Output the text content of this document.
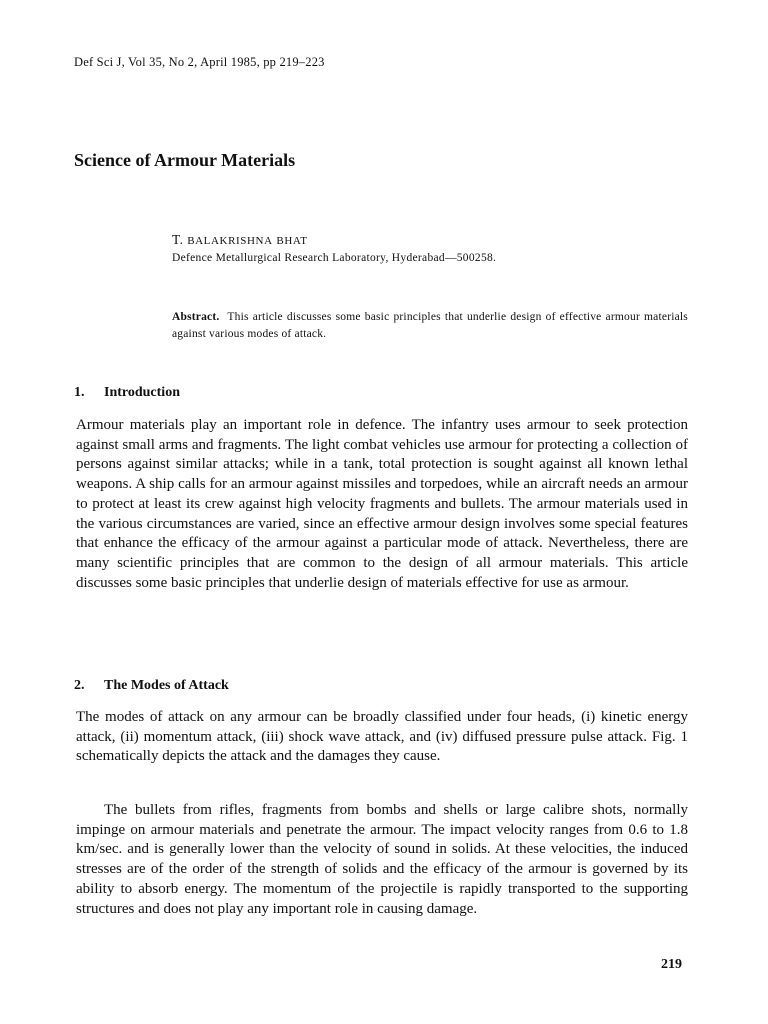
Def Sci J, Vol 35, No 2, April 1985, pp 219–223
Science of Armour Materials
T. BALAKRISHNA BHAT
Defence Metallurgical Research Laboratory, Hyderabad—500258.
Abstract. This article discusses some basic principles that underlie design of effective armour materials against various modes of attack.
1. Introduction
Armour materials play an important role in defence. The infantry uses armour to seek protection against small arms and fragments. The light combat vehicles use armour for protecting a collection of persons against similar attacks; while in a tank, total protection is sought against all known lethal weapons. A ship calls for an armour against missiles and torpedoes, while an aircraft needs an armour to protect at least its crew against high velocity fragments and bullets. The armour materials used in the various circumstances are varied, since an effective armour design involves some special features that enhance the efficacy of the armour against a particular mode of attack. Nevertheless, there are many scientific principles that are common to the design of all armour materials. This article discusses some basic principles that underlie design of materials effective for use as armour.
2. The Modes of Attack
The modes of attack on any armour can be broadly classified under four heads, (i) kinetic energy attack, (ii) momentum attack, (iii) shock wave attack, and (iv) diffused pressure pulse attack. Fig. 1 schematically depicts the attack and the damages they cause.
The bullets from rifles, fragments from bombs and shells or large calibre shots, normally impinge on armour materials and penetrate the armour. The impact velocity ranges from 0.6 to 1.8 km/sec. and is generally lower than the velocity of sound in solids. At these velocities, the induced stresses are of the order of the strength of solids and the efficacy of the armour is governed by its ability to absorb energy. The momentum of the projectile is rapidly transported to the supporting structures and does not play any important role in causing damage.
219
